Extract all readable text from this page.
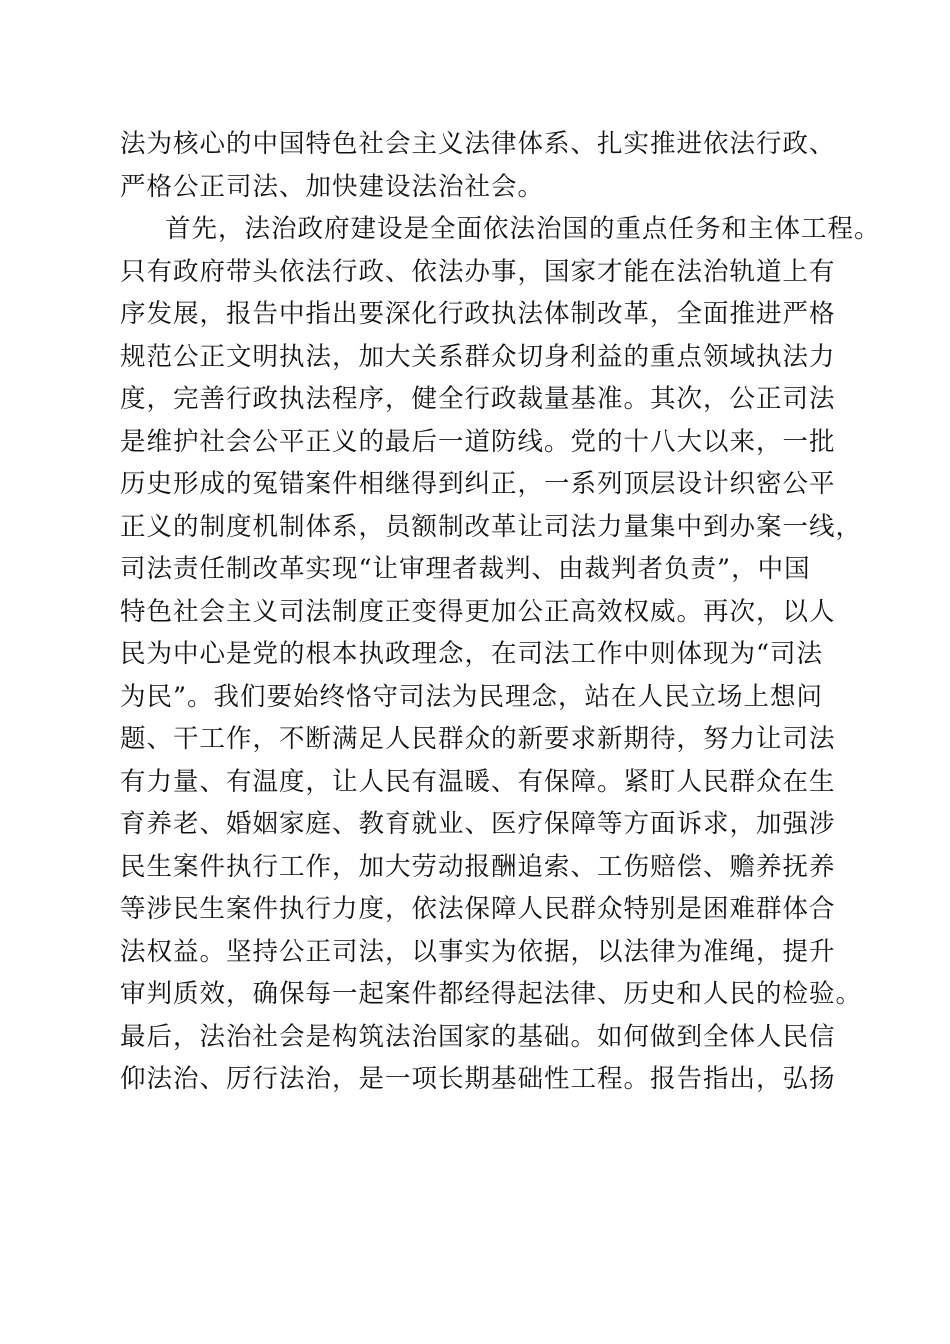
法为核心的中国特色社会主义法律体系、扎实推进依法行政、

严格公正司法、加快建设法治社会。

首先，法治政府建设是全面依法治国的重点任务和主体工程。

只有政府带头依法行政、依法办事，国家才能在法治轨道上有

序发展，报告中指出要深化行政执法体制改革，全面推进严格

规范公正文明执法，加大关系群众切身利益的重点领域执法力

度，完善行政执法程序，健全行政裁量基准。其次，公正司法

是维护社会公平正义的最后一道防线。党的十八大以来，一批

历史形成的冤错案件相继得到纠正，一系列顶层设计织密公平

正义的制度机制体系，员额制改革让司法力量集中到办案一线，

司法责任制改革实现“让审理者裁判、由裁判者负责”，中国

特色社会主义司法制度正变得更加公正高效权威。再次，以人

民为中心是党的根本执政理念，在司法工作中则体现为“司法

为民”。我们要始终恪守司法为民理念，站在人民立场上想问

题、干工作，不断满足人民群众的新要求新期待，努力让司法

有力量、有温度，让人民有温暖、有保障。紧盯人民群众在生

育养老、婚姻家庭、教育就业、医疗保障等方面诉求，加强涉

民生案件执行工作，加大劳动报酬追索、工伤赔偿、赡养抚养

等涉民生案件执行力度，依法保障人民群众特别是困难群体合

法权益。坚持公正司法，以事实为依据，以法律为准绳，提升

审判质效，确保每一起案件都经得起法律、历史和人民的检验。

最后，法治社会是构筑法治国家的基础。如何做到全体人民信

仰法治、厉行法治，是一项长期基础性工程。报告指出，弘扬
